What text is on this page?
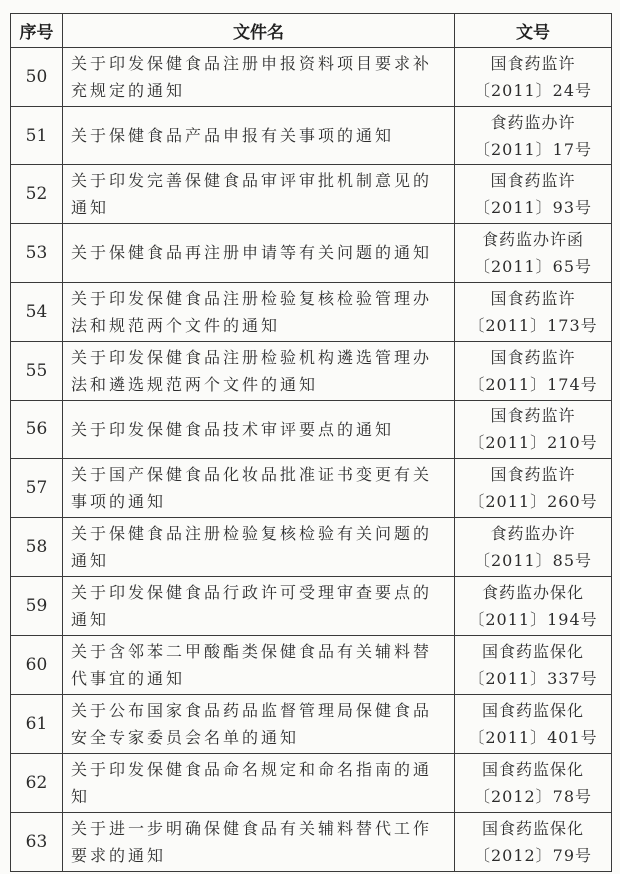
序号	文件名	文号
50	关于印发保健食品注册申报资料项目要求补充规定的通知	国食药监许
〔2011〕24号

51	关于保健食品产品申报有关事项的通知	食药监办许
〔2011〕17号

52	关于印发完善保健食品审评审批机制意见的通知	国食药监许
〔2011〕93号

53	关于保健食品再注册申请等有关问题的通知	食药监办许函
〔2011〕65号

54	关于印发保健食品注册检验复核检验管理办法和规范两个文件的通知	国食药监许
〔2011〕173号

55	关于印发保健食品注册检验机构遴选管理办法和遴选规范两个文件的通知	国食药监许
〔2011〕174号

56	关于印发保健食品技术审评要点的通知	国食药监许
〔2011〕210号

57	关于国产保健食品化妆品批准证书变更有关事项的通知	国食药监许
〔2011〕260号

58	关于保健食品注册检验复核检验有关问题的通知	食药监办许
〔2011〕85号

59	关于印发保健食品行政许可受理审查要点的通知	食药监办保化
〔2011〕194号

60	关于含邻苯二甲酸酯类保健食品有关辅料替代事宜的通知	国食药监保化
〔2011〕337号

61	关于公布国家食品药品监督管理局保健食品安全专家委员会名单的通知	国食药监保化
〔2011〕401号

62	关于印发保健食品命名规定和命名指南的通知	国食药监保化
〔2012〕78号

63	关于进一步明确保健食品有关辅料替代工作要求的通知	国食药监保化
〔2012〕79号
